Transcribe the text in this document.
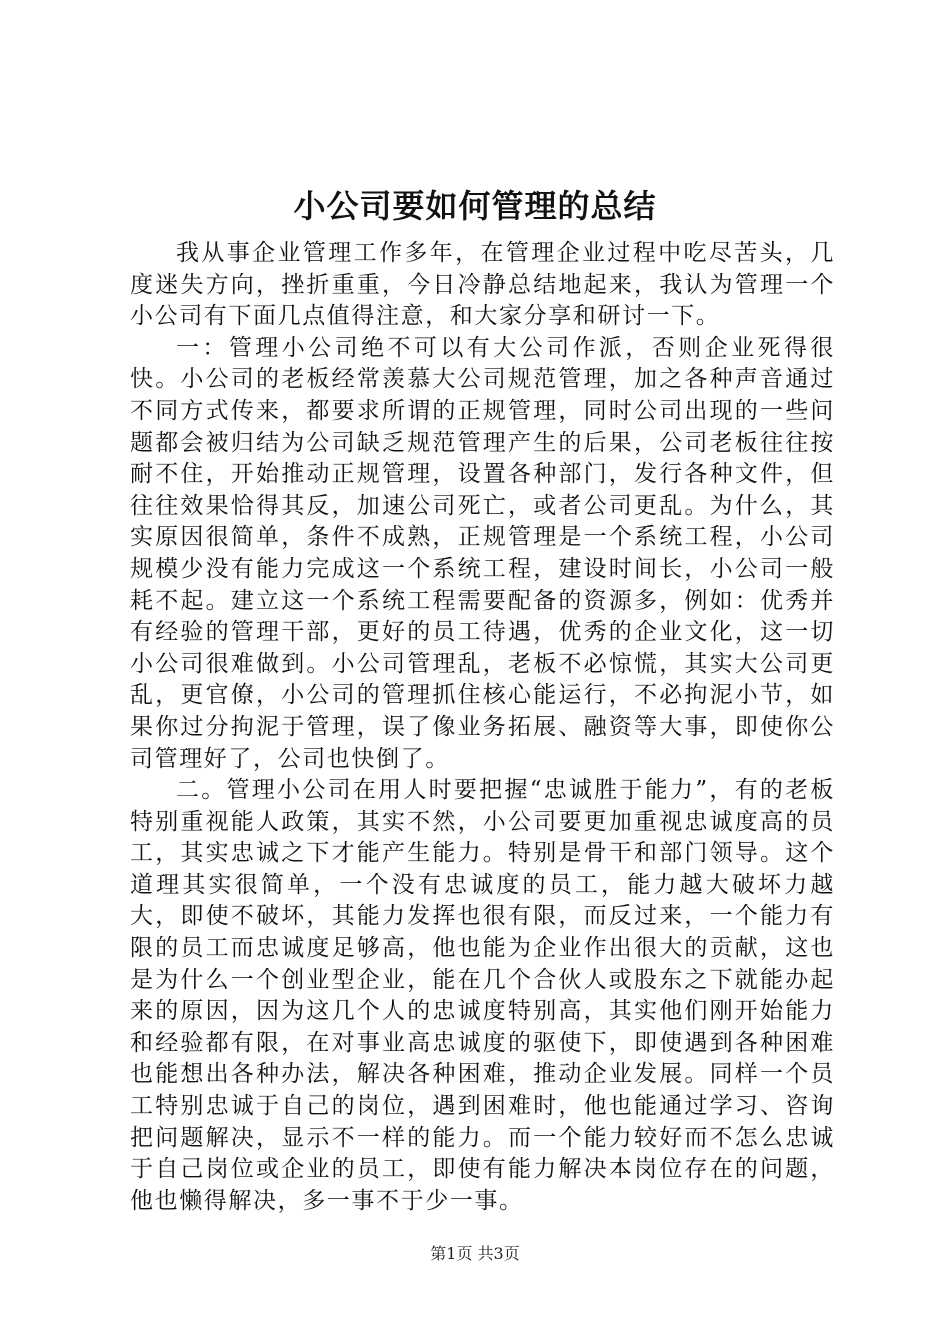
小公司要如何管理的总结

我从事企业管理工作多年，在管理企业过程中吃尽苦头，几度迷失方向，挫折重重，今日冷静总结地起来，我认为管理一个小公司有下面几点值得注意，和大家分享和研讨一下。

一：管理小公司绝不可以有大公司作派，否则企业死得很快。小公司的老板经常羡慕大公司规范管理，加之各种声音通过不同方式传来，都要求所谓的正规管理，同时公司出现的一些问题都会被归结为公司缺乏规范管理产生的后果，公司老板往往按耐不住，开始推动正规管理，设置各种部门，发行各种文件，但往往效果恰得其反，加速公司死亡，或者公司更乱。为什么，其实原因很简单，条件不成熟，正规管理是一个系统工程，小公司规模少没有能力完成这一个系统工程，建设时间长，小公司一般耗不起。建立这一个系统工程需要配备的资源多，例如：优秀并有经验的管理干部，更好的员工待遇，优秀的企业文化，这一切小公司很难做到。小公司管理乱，老板不必惊慌，其实大公司更乱，更官僚，小公司的管理抓住核心能运行，不必拘泥小节，如果你过分拘泥于管理，误了像业务拓展、融资等大事，即使你公司管理好了，公司也快倒了。

二。管理小公司在用人时要把握“忠诚胜于能力”，有的老板特别重视能人政策，其实不然，小公司要更加重视忠诚度高的员工，其实忠诚之下才能产生能力。特别是骨干和部门领导。这个道理其实很简单，一个没有忠诚度的员工，能力越大破坏力越大，即使不破坏，其能力发挥也很有限，而反过来，一个能力有限的员工而忠诚度足够高，他也能为企业作出很大的贡献，这也是为什么一个创业型企业，能在几个合伙人或股东之下就能办起来的原因，因为这几个人的忠诚度特别高，其实他们刚开始能力和经验都有限，在对事业高忠诚度的驱使下，即使遇到各种困难也能想出各种办法，解决各种困难，推动企业发展。同样一个员工特别忠诚于自己的岗位，遇到困难时，他也能通过学习、咨询把问题解决，显示不一样的能力。而一个能力较好而不怎么忠诚于自己岗位或企业的员工，即使有能力解决本岗位存在的问题，他也懒得解决，多一事不于少一事。

第1页 共3页
